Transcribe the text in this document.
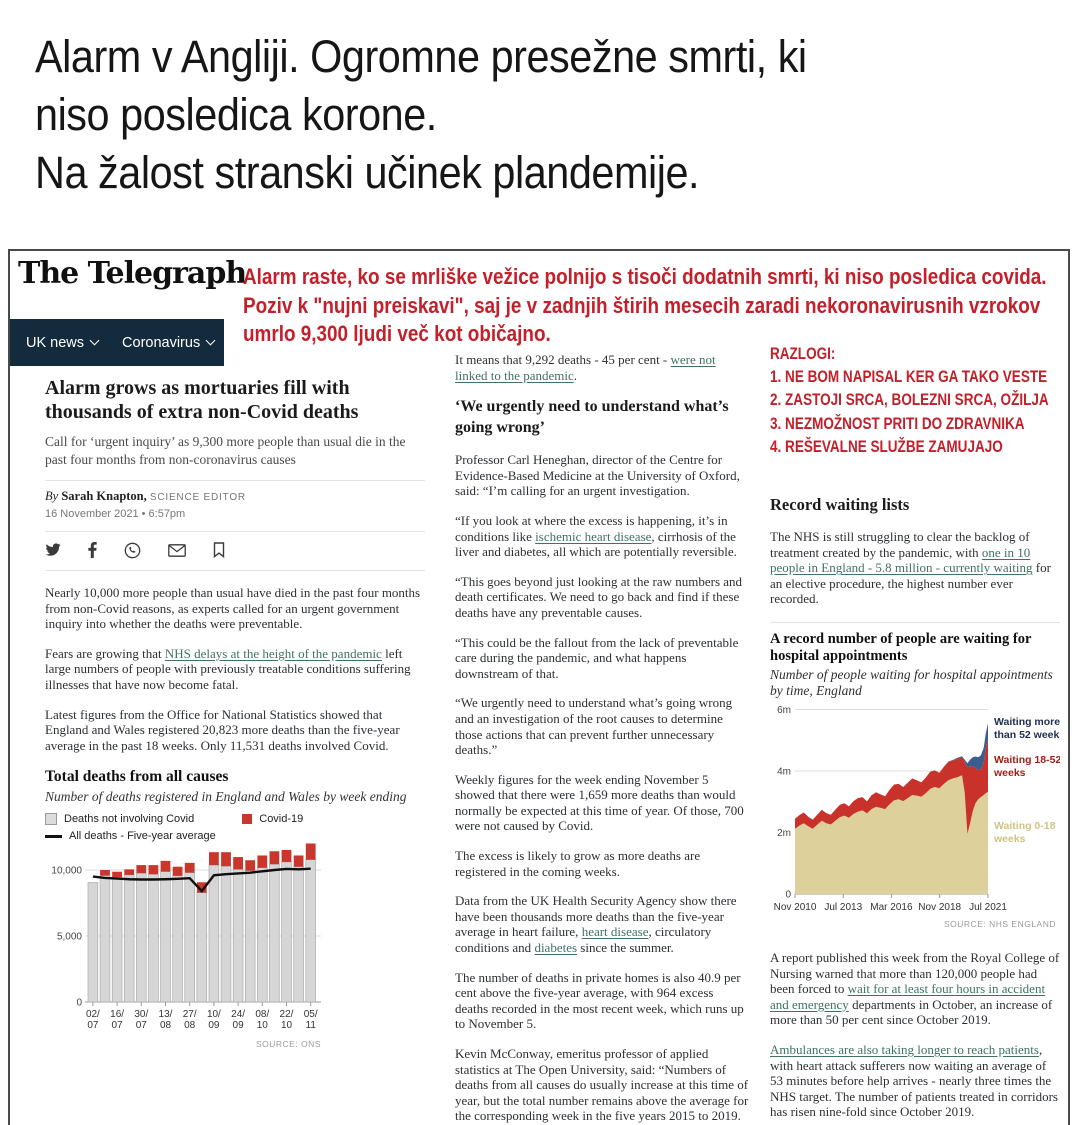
Alarm v Angliji. Ogromne presežne smrti, ki
niso posledica korone.
Na žalost stranski učinek plandemije.
The Telegraph
UK news	Coronavirus
Alarm raste, ko se mrliške vežice polnijo s tisoči dodatnih smrti, ki niso posledica covida.
Poziv k "nujni preiskavi", saj je v zadnjih štirih mesecih zaradi nekoronavirusnih vzrokov
umrlo 9,300 ljudi več kot običajno.
Alarm grows as mortuaries fill with thousands of extra non-Covid deaths
Call for ‘urgent inquiry’ as 9,300 more people than usual die in the past four months from non-coronavirus causes
By Sarah Knapton, SCIENCE EDITOR
16 November 2021 • 6:57pm

Nearly 10,000 more people than usual have died in the past four months from non-Covid reasons, as experts called for an urgent government inquiry into whether the deaths were preventable.

Fears are growing that NHS delays at the height of the pandemic left large numbers of people with previously treatable conditions suffering illnesses that have now become fatal.

Latest figures from the Office for National Statistics showed that England and Wales registered 20,823 more deaths than the five-year average in the past 18 weeks. Only 11,531 deaths involved Covid.

Total deaths from all causes
Number of deaths registered in England and Wales by week ending
Deaths not involving Covid	Covid-19
All deaths - Five-year average
10,000
5,000
0
02/
07
16/
07
30/
07
13/
08
27/
08
10/
09
24/
09
08/
10
22/
10
05/
11
SOURCE: ONS

It means that 9,292 deaths - 45 per cent - were not linked to the pandemic.

‘We urgently need to understand what’s going wrong’

Professor Carl Heneghan, director of the Centre for Evidence-Based Medicine at the University of Oxford, said: “I’m calling for an urgent investigation.

“If you look at where the excess is happening, it’s in conditions like ischemic heart disease, cirrhosis of the liver and diabetes, all which are potentially reversible.

“This goes beyond just looking at the raw numbers and death certificates. We need to go back and find if these deaths have any preventable causes.

“This could be the fallout from the lack of preventable care during the pandemic, and what happens downstream of that.

“We urgently need to understand what’s going wrong and an investigation of the root causes to determine those actions that can prevent further unnecessary deaths.”

Weekly figures for the week ending November 5 showed that there were 1,659 more deaths than would normally be expected at this time of year. Of those, 700 were not caused by Covid.

The excess is likely to grow as more deaths are registered in the coming weeks.

Data from the UK Health Security Agency show there have been thousands more deaths than the five-year average in heart failure, heart disease, circulatory conditions and diabetes since the summer.

The number of deaths in private homes is also 40.9 per cent above the five-year average, with 964 excess deaths recorded in the most recent week, which runs up to November 5.

Kevin McConway, emeritus professor of applied statistics at The Open University, said: “Numbers of deaths from all causes do usually increase at this time of year, but the total number remains above the average for the corresponding week in the five years 2015 to 2019.

RAZLOGI:
1. NE BOM NAPISAL KER GA TAKO VESTE
2. ZASTOJI SRCA, BOLEZNI SRCA, OŽILJA
3. NEZMOŽNOST PRITI DO ZDRAVNIKA
4. REŠEVALNE SLUŽBE ZAMUJAJO
Record waiting lists

The NHS is still struggling to clear the backlog of treatment created by the pandemic, with one in 10 people in England - 5.8 million - currently waiting for an elective procedure, the highest number ever recorded.

A record number of people are waiting for hospital appointments
Number of people waiting for hospital appointments by time, England
6m
4m
2m
0
Nov 2010 Jul 2013 Mar 2016 Nov 2018 Jul 2021
Waiting 0-18
weeks
Waiting 18-52
weeks
Waiting more
than 52 weeks
SOURCE: NHS ENGLAND

A report published this week from the Royal College of Nursing warned that more than 120,000 people had been forced to wait for at least four hours in accident and emergency departments in October, an increase of more than 50 per cent since October 2019.

Ambulances are also taking longer to reach patients, with heart attack sufferers now waiting an average of 53 minutes before help arrives - nearly three times the NHS target. The number of patients treated in corridors has risen nine-fold since October 2019.
